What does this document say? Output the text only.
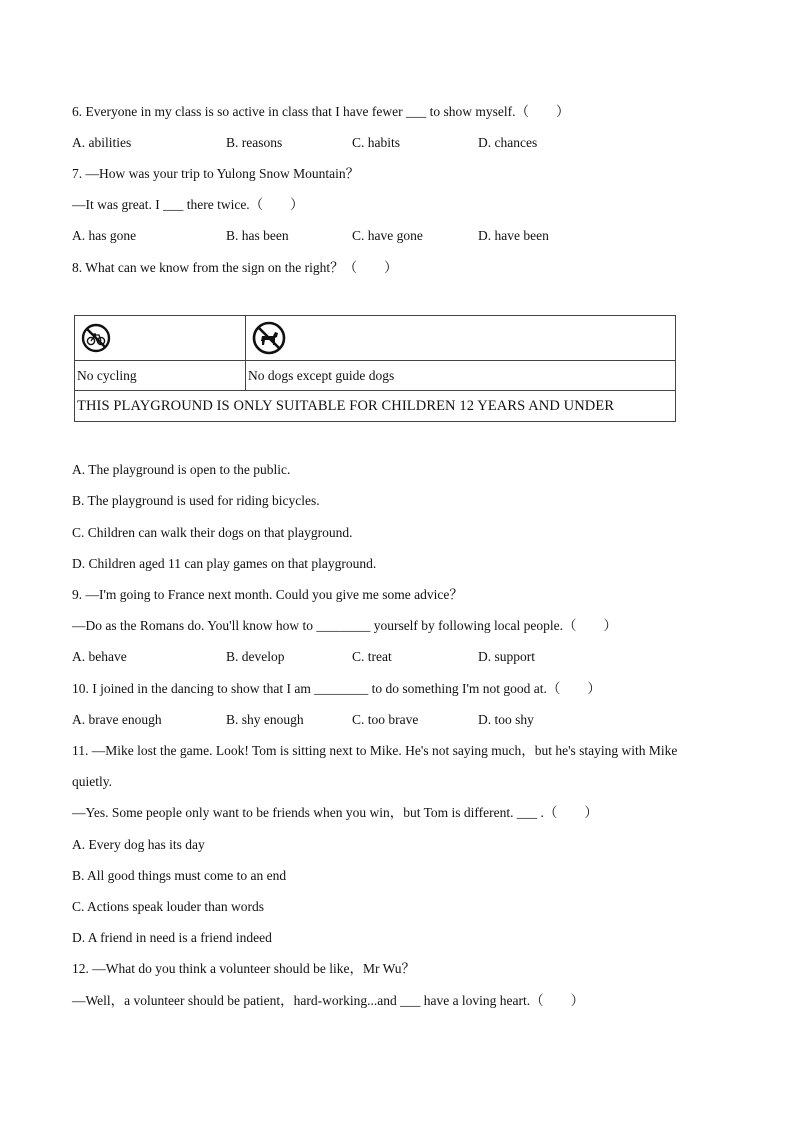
6. Everyone in my class is so active in class that I have fewer ___ to show myself.（　　）
A. abilities	B. reasons	C. habits	D. chances
7. —How was your trip to Yulong Snow Mountain？
—It was great. I ___ there twice.（　　）
A. has gone	B. has been	C. have gone	D. have been
8. What can we know from the sign on the right？（　　）

No cycling	No dogs except guide dogs
THIS PLAYGROUND IS ONLY SUITABLE FOR CHILDREN 12 YEARS AND UNDER	
A. The playground is open to the public.
B. The playground is used for riding bicycles.
C. Children can walk their dogs on that playground.
D. Children aged 11 can play games on that playground.
9. —I'm going to France next month. Could you give me some advice？
—Do as the Romans do. You'll know how to ________ yourself by following local people.（　　）
A. behave	B. develop	C. treat	D. support
10. I joined in the dancing to show that I am ________ to do something I'm not good at.（　　）
A. brave enough	B. shy enough	C. too brave	D. too shy
11. —Mike lost the game. Look! Tom is sitting next to Mike. He's not saying much，but he's staying with Mike
quietly.
—Yes. Some people only want to be friends when you win，but Tom is different. ___ .（　　）
A. Every dog has its day
B. All good things must come to an end
C. Actions speak louder than words
D. A friend in need is a friend indeed
12. —What do you think a volunteer should be like，Mr Wu？
—Well，a volunteer should be patient，hard-working...and ___ have a loving heart.（　　）
